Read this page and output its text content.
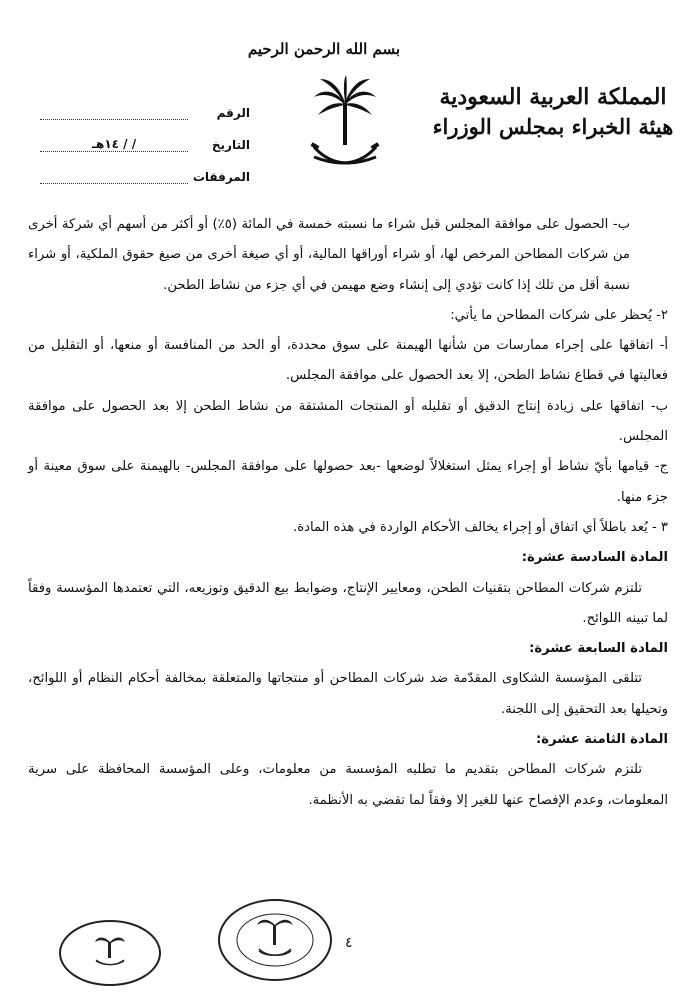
بسم الله الرحمن الرحيم
المملكة العربية السعودية
هيئة الخبراء بمجلس الوزراء
الرقم
التاريخ
/ / ١٤هـ
المرفقات

ب- الحصول على موافقة المجلس قبل شراء ما نسبته خمسة في المائة (٥٪) أو أكثر من أسهم أي شركة أخرى من شركات المطاحن المرخص لها، أو شراء أوراقها المالية، أو أي صيغة أخرى من صيغ حقوق الملكية، أو شراء نسبة أقل من تلك إذا كانت تؤدي إلى إنشاء وضع مهيمن في أي جزء من نشاط الطحن.

٢- يُحظر على شركات المطاحن ما يأتي:

أ- اتفاقها على إجراء ممارسات من شأنها الهيمنة على سوق محددة، أو الحد من المنافسة أو منعها، أو التقليل من فعاليتها في قطاع نشاط الطحن، إلا بعد الحصول على موافقة المجلس.

ب- اتفاقها على زيادة إنتاج الدقيق أو تقليله أو المنتجات المشتقة من نشاط الطحن إلا بعد الحصول على موافقة المجلس.

ج- قيامها بأيّ نشاط أو إجراء يمثل استغلالاً لوضعها -بعد حصولها على موافقة المجلس- بالهيمنة على سوق معينة أو جزء منها.

٣ - يُعد باطلاً أي اتفاق أو إجراء يخالف الأحكام الواردة في هذه المادة.

المادة السادسة عشرة:

تلتزم شركات المطاحن بتقنيات الطحن، ومعايير الإنتاج، وضوابط بيع الدقيق وتوزيعه، التي تعتمدها المؤسسة وفقاً لما تبينه اللوائح.

المادة السابعة عشرة:

تتلقى المؤسسة الشكاوى المقدّمة ضد شركات المطاحن أو منتجاتها والمتعلقة بمخالفة أحكام النظام أو اللوائح، وتحيلها بعد التحقيق إلى اللجنة.

المادة الثامنة عشرة:

تلتزم شركات المطاحن بتقديم ما تطلبه المؤسسة من معلومات، وعلى المؤسسة المحافظة على سرية المعلومات، وعدم الإفصاح عنها للغير إلا وفقاً لما تقضي به الأنظمة.

٤
